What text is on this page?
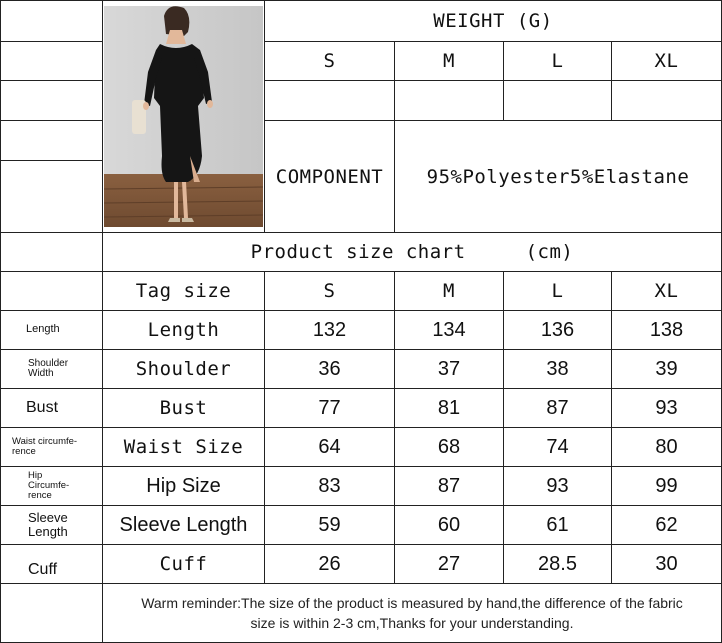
WEIGHT (G)
S	M	L	XL
COMPONENT	95%Polyester5%Elastane
Product size chart	(cm)
Tag size	S	M	L	XL
Length	Length	132	134	136	138
Shoulder Width	Shoulder	36	37	38	39
Bust	Bust	77	81	87	93
Waist circumfe- rence	Waist Size	64	68	74	80
Hip Circumfe- rence	Hip Size	83	87	93	99
Sleeve Length	Sleeve Length	59	60	61	62
Cuff	Cuff	26	27	28.5	30
Warm reminder:The size of the product is measured by hand,the difference of the fabric
size is within 2-3 cm,Thanks for your understanding.
